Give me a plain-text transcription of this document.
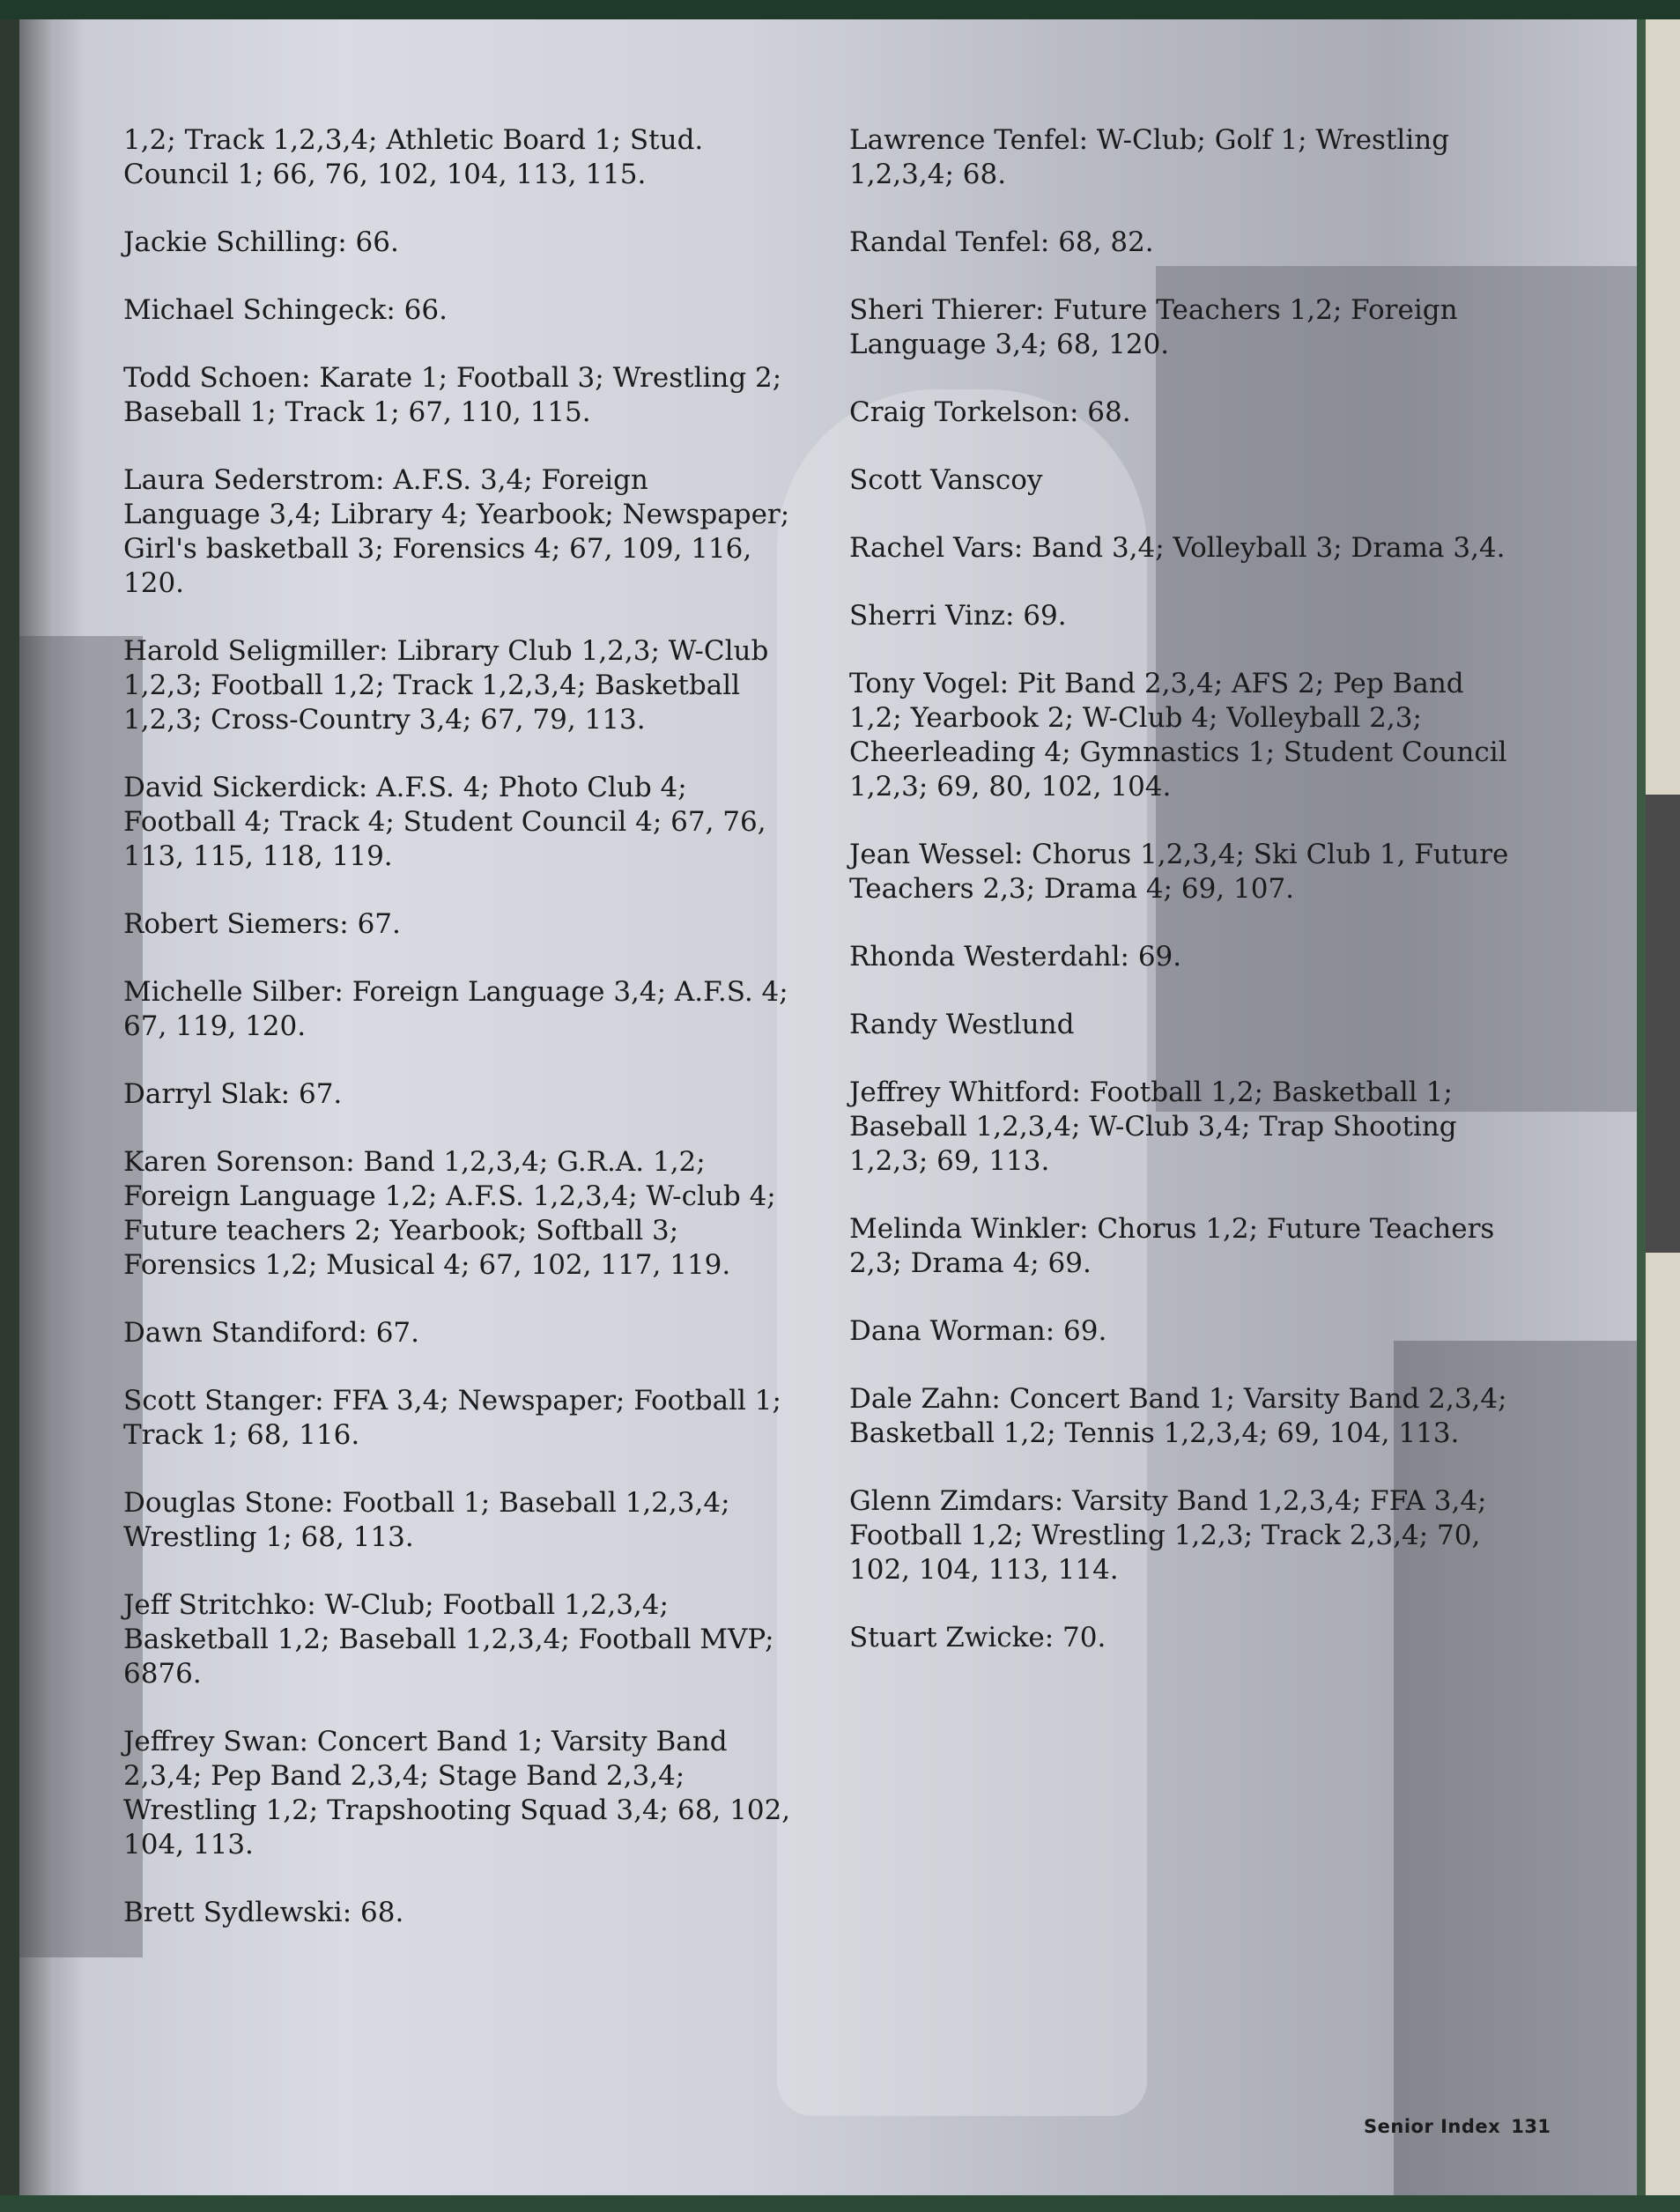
1,2; Track 1,2,3,4; Athletic Board 1; Stud. Council 1; 66, 76, 102, 104, 113, 115.

Jackie Schilling: 66.

Michael Schingeck: 66.

Todd Schoen: Karate 1; Football 3; Wrestling 2; Baseball 1; Track 1; 67, 110, 115.

Laura Sederstrom: A.F.S. 3,4; Foreign Language 3,4; Library 4; Yearbook; Newspaper; Girl's basketball 3; Forensics 4; 67, 109, 116, 120.

Harold Seligmiller: Library Club 1,2,3; W-Club 1,2,3; Football 1,2; Track 1,2,3,4; Basketball 1,2,3; Cross-Country 3,4; 67, 79, 113.

David Sickerdick: A.F.S. 4; Photo Club 4; Football 4; Track 4; Student Council 4; 67, 76, 113, 115, 118, 119.

Robert Siemers: 67.

Michelle Silber: Foreign Language 3,4; A.F.S. 4; 67, 119, 120.

Darryl Slak: 67.

Karen Sorenson: Band 1,2,3,4; G.R.A. 1,2; Foreign Language 1,2; A.F.S. 1,2,3,4; W-club 4; Future teachers 2; Yearbook; Softball 3; Forensics 1,2; Musical 4; 67, 102, 117, 119.

Dawn Standiford: 67.

Scott Stanger: FFA 3,4; Newspaper; Football 1; Track 1; 68, 116.

Douglas Stone: Football 1; Baseball 1,2,3,4; Wrestling 1; 68, 113.

Jeff Stritchko: W-Club; Football 1,2,3,4; Basketball 1,2; Baseball 1,2,3,4; Football MVP; 6876.

Jeffrey Swan: Concert Band 1; Varsity Band 2,3,4; Pep Band 2,3,4; Stage Band 2,3,4; Wrestling 1,2; Trapshooting Squad 3,4; 68, 102, 104, 113.

Brett Sydlewski: 68.

Lawrence Tenfel: W-Club; Golf 1; Wrestling 1,2,3,4; 68.

Randal Tenfel: 68, 82.

Sheri Thierer: Future Teachers 1,2; Foreign Language 3,4; 68, 120.

Craig Torkelson: 68.

Scott Vanscoy

Rachel Vars: Band 3,4; Volleyball 3; Drama 3,4.

Sherri Vinz: 69.

Tony Vogel: Pit Band 2,3,4; AFS 2; Pep Band 1,2; Yearbook 2; W-Club 4; Volleyball 2,3; Cheerleading 4; Gymnastics 1; Student Council 1,2,3; 69, 80, 102, 104.

Jean Wessel: Chorus 1,2,3,4; Ski Club 1, Future Teachers 2,3; Drama 4; 69, 107.

Rhonda Westerdahl: 69.

Randy Westlund

Jeffrey Whitford: Football 1,2; Basketball 1; Baseball 1,2,3,4; W-Club 3,4; Trap Shooting 1,2,3; 69, 113.

Melinda Winkler: Chorus 1,2; Future Teachers 2,3; Drama 4; 69.

Dana Worman: 69.

Dale Zahn: Concert Band 1; Varsity Band 2,3,4; Basketball 1,2; Tennis 1,2,3,4; 69, 104, 113.

Glenn Zimdars: Varsity Band 1,2,3,4; FFA 3,4; Football 1,2; Wrestling 1,2,3; Track 2,3,4; 70, 102, 104, 113, 114.

Stuart Zwicke: 70.

Senior Index 131
